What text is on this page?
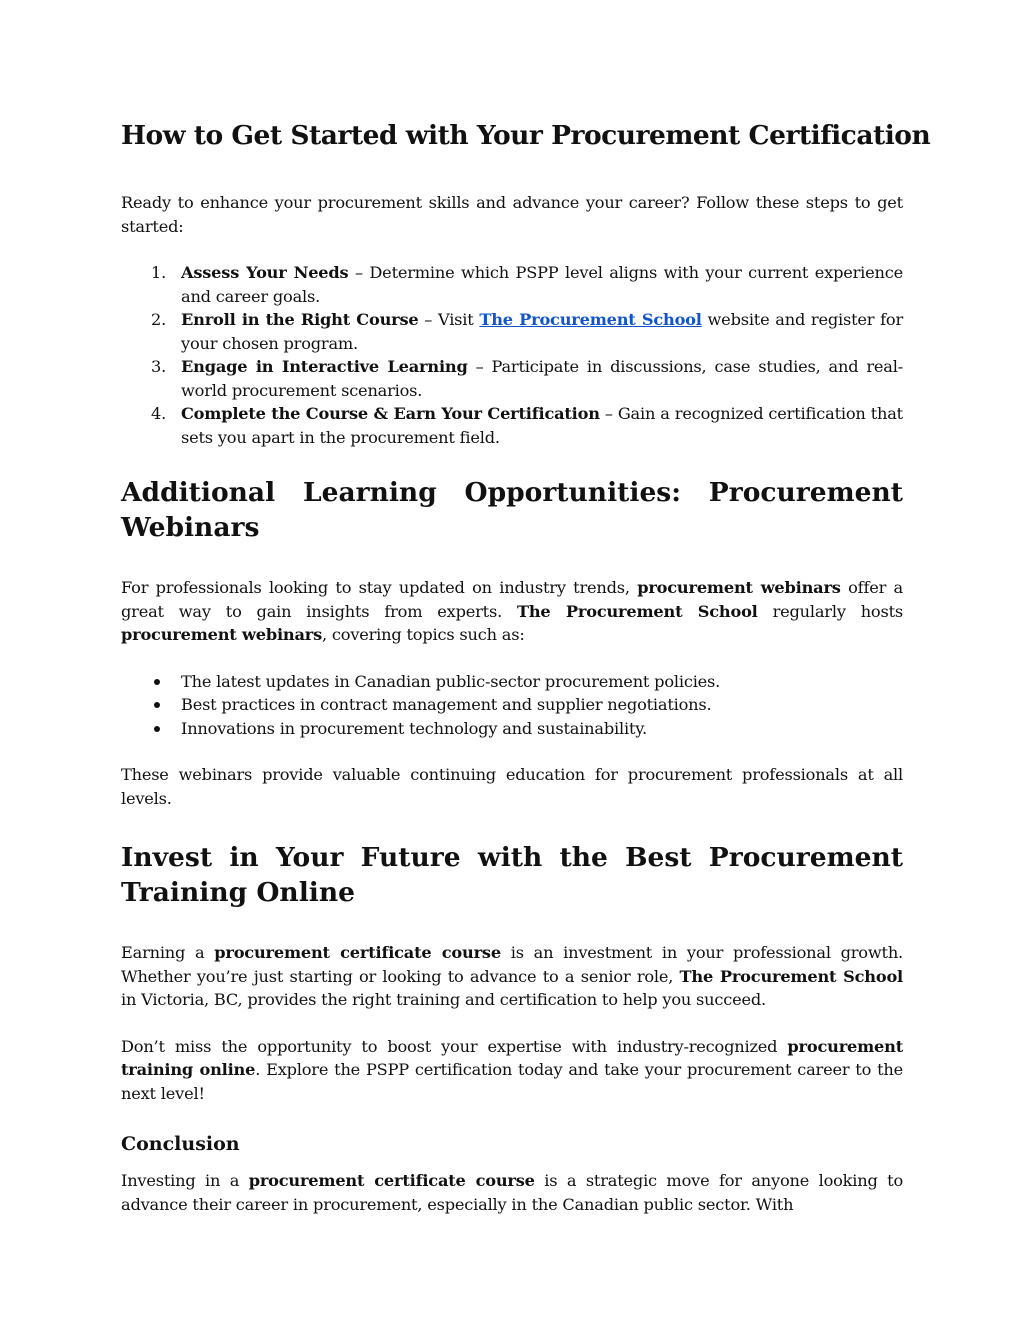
How to Get Started with Your Procurement Certification

Ready to enhance your procurement skills and advance your career? Follow these steps to get started:

1. Assess Your Needs – Determine which PSPP level aligns with your current experience and career goals.
2. Enroll in the Right Course – Visit The Procurement School website and register for your chosen program.
3. Engage in Interactive Learning – Participate in discussions, case studies, and real-world procurement scenarios.
4. Complete the Course & Earn Your Certification – Gain a recognized certification that sets you apart in the procurement field.
Additional Learning Opportunities: Procurement Webinars

For professionals looking to stay updated on industry trends, procurement webinars offer a great way to gain insights from experts. The Procurement School regularly hosts procurement webinars, covering topics such as:

The latest updates in Canadian public-sector procurement policies.
Best practices in contract management and supplier negotiations.
Innovations in procurement technology and sustainability.

These webinars provide valuable continuing education for procurement professionals at all levels.

Invest in Your Future with the Best Procurement Training Online

Earning a procurement certificate course is an investment in your professional growth. Whether you’re just starting or looking to advance to a senior role, The Procurement School in Victoria, BC, provides the right training and certification to help you succeed.

Don’t miss the opportunity to boost your expertise with industry-recognized procurement training online. Explore the PSPP certification today and take your procurement career to the next level!

Conclusion

Investing in a procurement certificate course is a strategic move for anyone looking to advance their career in procurement, especially in the Canadian public sector. With
